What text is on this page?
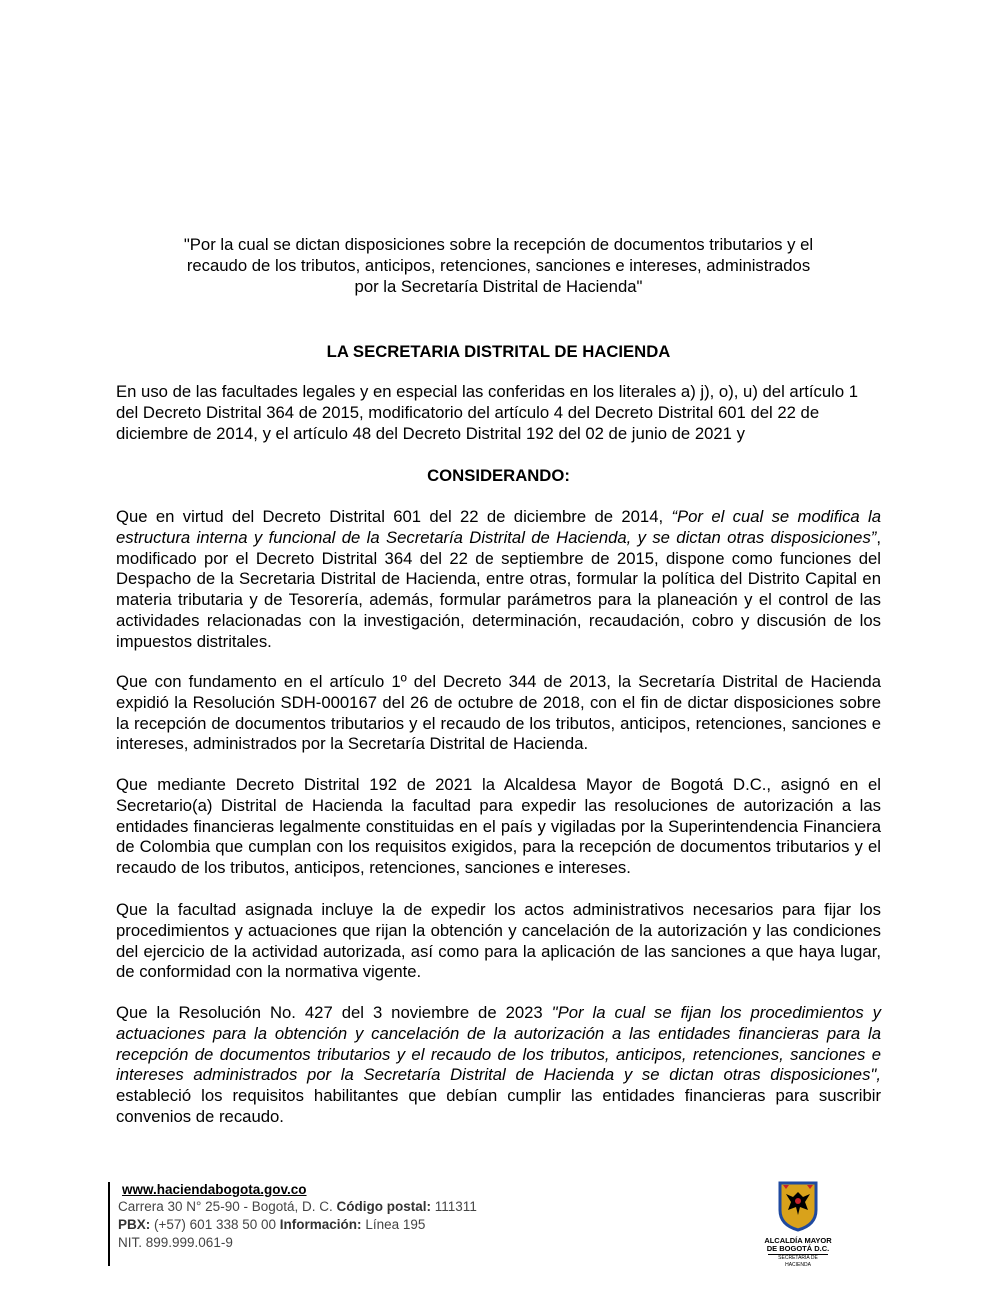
"Por la cual se dictan disposiciones sobre la recepción de documentos tributarios y el
recaudo de los tributos, anticipos, retenciones, sanciones e intereses, administrados
por la Secretaría Distrital de Hacienda"
LA SECRETARIA DISTRITAL DE HACIENDA
En uso de las facultades legales y en especial las conferidas en los literales a) j), o), u) del artículo 1 del Decreto Distrital 364 de 2015, modificatorio del artículo 4 del Decreto Distrital 601 del 22 de diciembre de 2014, y el artículo 48 del Decreto Distrital 192 del 02 de junio de 2021 y
CONSIDERANDO:
Que en virtud del Decreto Distrital 601 del 22 de diciembre de 2014, “Por el cual se modifica la estructura interna y funcional de la Secretaría Distrital de Hacienda, y se dictan otras disposiciones”, modificado por el Decreto Distrital 364 del 22 de septiembre de 2015, dispone como funciones del Despacho de la Secretaria Distrital de Hacienda, entre otras, formular la política del Distrito Capital en materia tributaria y de Tesorería, además, formular parámetros para la planeación y el control de las actividades relacionadas con la investigación, determinación, recaudación, cobro y discusión de los impuestos distritales.
Que con fundamento en el artículo 1º del Decreto 344 de 2013, la Secretaría Distrital de Hacienda expidió la Resolución SDH-000167 del 26 de octubre de 2018, con el fin de dictar disposiciones sobre la recepción de documentos tributarios y el recaudo de los tributos, anticipos, retenciones, sanciones e intereses, administrados por la Secretaría Distrital de Hacienda.
Que mediante Decreto Distrital 192 de 2021 la Alcaldesa Mayor de Bogotá D.C., asignó en el Secretario(a) Distrital de Hacienda la facultad para expedir las resoluciones de autorización a las entidades financieras legalmente constituidas en el país y vigiladas por la Superintendencia Financiera de Colombia que cumplan con los requisitos exigidos, para la recepción de documentos tributarios y el recaudo de los tributos, anticipos, retenciones, sanciones e intereses.
Que la facultad asignada incluye la de expedir los actos administrativos necesarios para fijar los procedimientos y actuaciones que rijan la obtención y cancelación de la autorización y las condiciones del ejercicio de la actividad autorizada, así como para la aplicación de las sanciones a que haya lugar, de conformidad con la normativa vigente.
Que la Resolución No. 427 del 3 noviembre de 2023 "Por la cual se fijan los procedimientos y actuaciones para la obtención y cancelación de la autorización a las entidades financieras para la recepción de documentos tributarios y el recaudo de los tributos, anticipos, retenciones, sanciones e intereses administrados por la Secretaría Distrital de Hacienda y se dictan otras disposiciones", estableció los requisitos habilitantes que debían cumplir las entidades financieras para suscribir convenios de recaudo.
www.haciendabogota.gov.co
Carrera 30 N° 25-90 - Bogotá, D. C. Código postal: 111311
PBX: (+57) 601 338 50 00 Información: Línea 195
NIT. 899.999.061-9	ALCALDÍA MAYOR
DE BOGOTÁ D.C.
SECRETARÍA DE HACIENDA
